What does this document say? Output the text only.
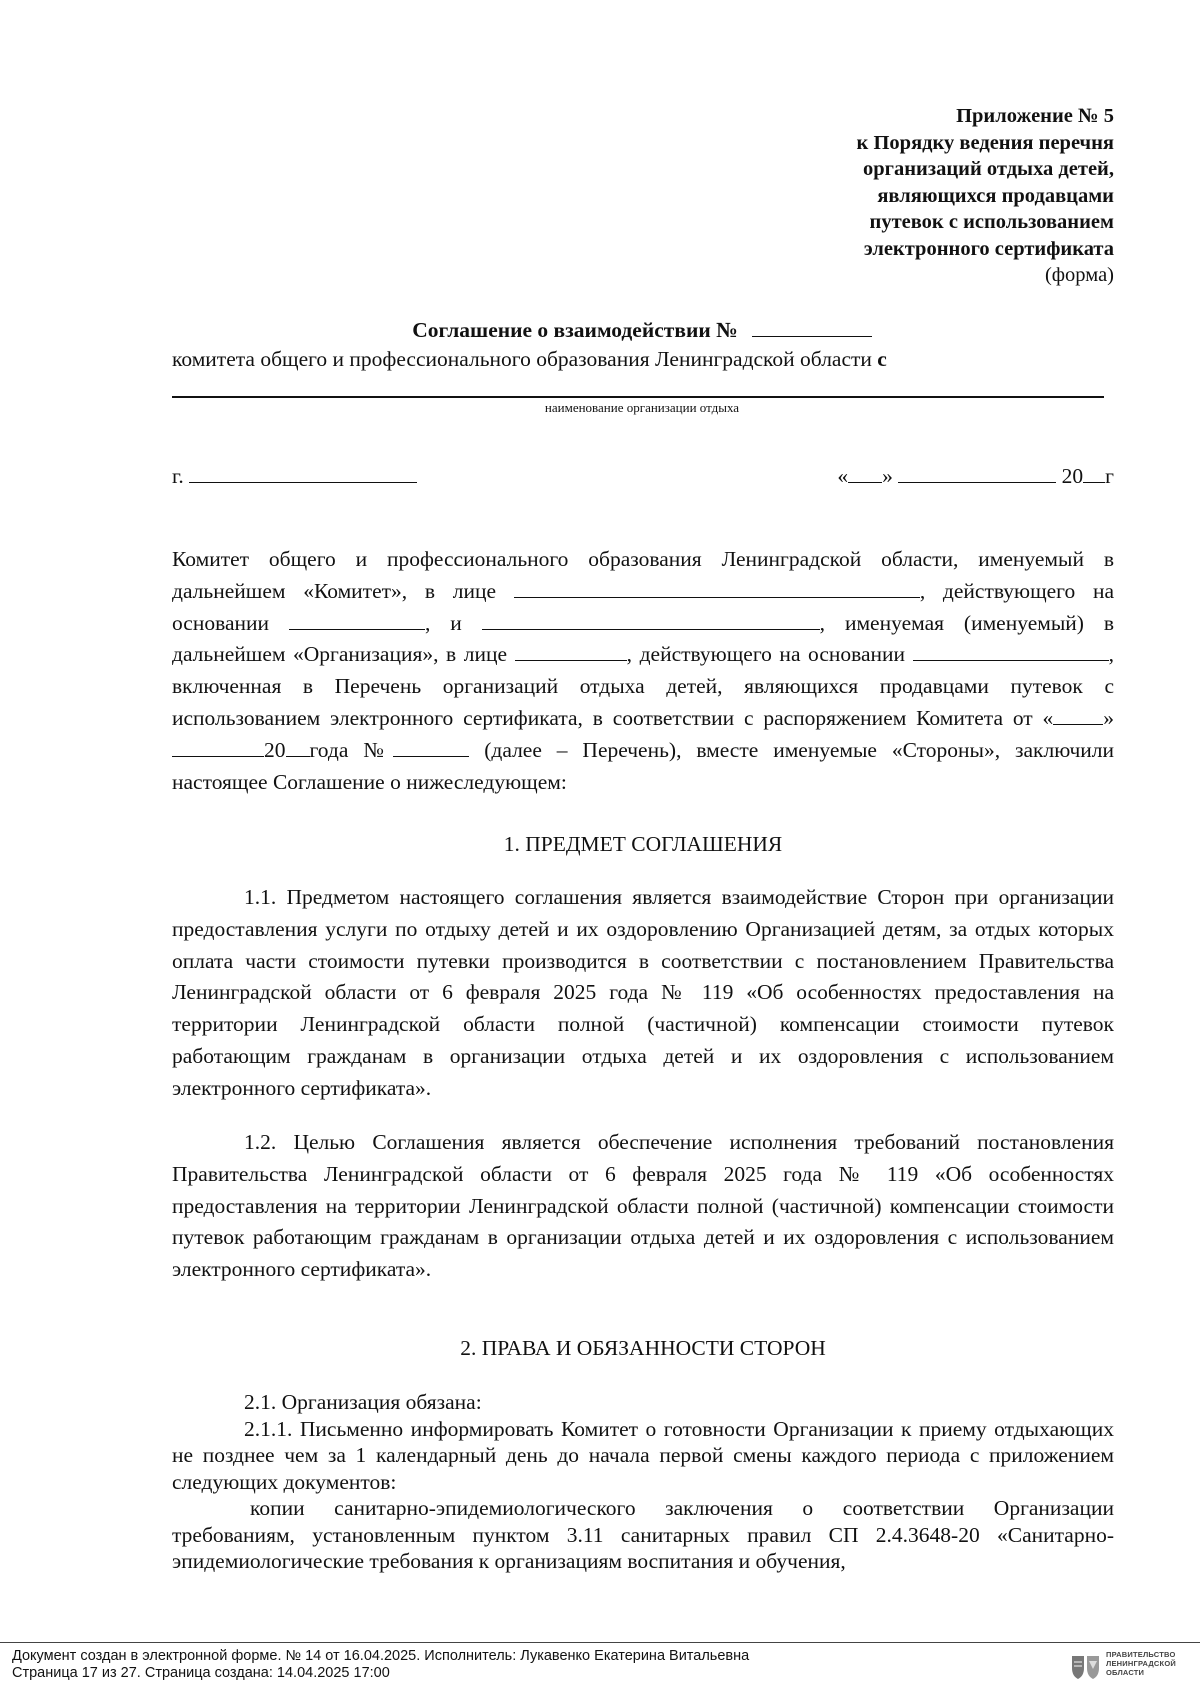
Приложение № 5
к Порядку ведения перечня
организаций отдыха детей,
являющихся продавцами
путевок с использованием
электронного сертификата
(форма)
Соглашение о взаимодействии №
комитета общего и профессионального образования Ленинградской области с
наименование организации отдыха
г.	« »	20 г

Комитет общего и профессионального образования Ленинградской области, именуемый в дальнейшем «Комитет», в лице	, действующего на основании	, и	, именуемая (именуемый) в дальнейшем «Организация», в лице	, действующего на основании	, включенная в Перечень организаций отдыха детей, являющихся продавцами путевок с использованием электронного сертификата, в соответствии с распоряжением Комитета от « » 20 года №	(далее – Перечень), вместе именуемые «Стороны», заключили настоящее Соглашение о нижеследующем:

1. ПРЕДМЕТ СОГЛАШЕНИЯ

1.1. Предметом настоящего соглашения является взаимодействие Сторон при организации предоставления услуги по отдыху детей и их оздоровлению Организацией детям, за отдых которых оплата части стоимости путевки производится в соответствии с постановлением Правительства Ленинградской области от 6 февраля 2025 года № 119 «Об особенностях предоставления на территории Ленинградской области полной (частичной) компенсации стоимости путевок работающим гражданам в организации отдыха детей и их оздоровления с использованием электронного сертификата».

1.2. Целью Соглашения является обеспечение исполнения требований постановления Правительства Ленинградской области от 6 февраля 2025 года № 119 «Об особенностях предоставления на территории Ленинградской области полной (частичной) компенсации стоимости путевок работающим гражданам в организации отдыха детей и их оздоровления с использованием электронного сертификата».

2. ПРАВА И ОБЯЗАННОСТИ СТОРОН

2.1. Организация обязана:

2.1.1. Письменно информировать Комитет о готовности Организации к приему отдыхающих не позднее чем за 1 календарный день до начала первой смены каждого периода с приложением следующих документов:

копии санитарно-эпидемиологического заключения о соответствии Организации требованиям, установленным пунктом 3.11 санитарных правил СП 2.4.3648-20 «Санитарно-эпидемиологические требования к организациям воспитания и обучения,

Документ создан в электронной форме. № 14 от 16.04.2025. Исполнитель: Лукавенко Екатерина Витальевна
Страница 17 из 27. Страница создана: 14.04.2025 17:00
ПРАВИТЕЛЬСТВО
ЛЕНИНГРАДСКОЙ
ОБЛАСТИ
